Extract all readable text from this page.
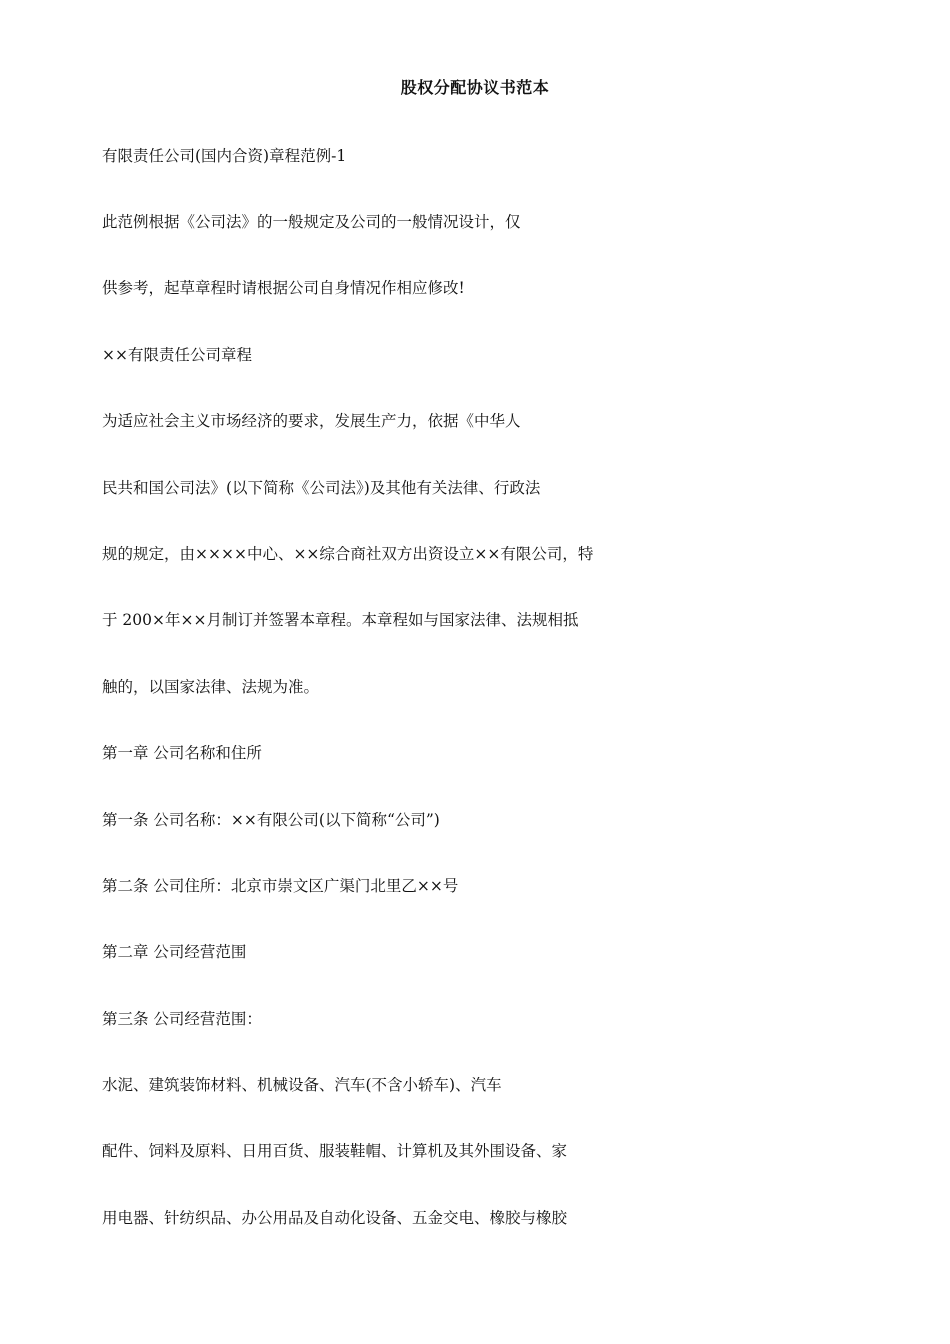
股权分配协议书范本
有限责任公司(国内合资)章程范例-1
此范例根据《公司法》的一般规定及公司的一般情况设计，仅
供参考，起草章程时请根据公司自身情况作相应修改!
××有限责任公司章程
为适应社会主义市场经济的要求，发展生产力，依据《中华人
民共和国公司法》(以下简称《公司法》)及其他有关法律、行政法
规的规定，由××××中心、××综合商社双方出资设立××有限公司，特
于 200×年××月制订并签署本章程。本章程如与国家法律、法规相抵
触的，以国家法律、法规为准。
第一章 公司名称和住所
第一条 公司名称：××有限公司(以下简称“公司”)
第二条 公司住所：北京市崇文区广渠门北里乙××号
第二章 公司经营范围
第三条 公司经营范围：
水泥、建筑装饰材料、机械设备、汽车(不含小轿车)、汽车
配件、饲料及原料、日用百货、服装鞋帽、计算机及其外围设备、家
用电器、针纺织品、办公用品及自动化设备、五金交电、橡胶与橡胶
